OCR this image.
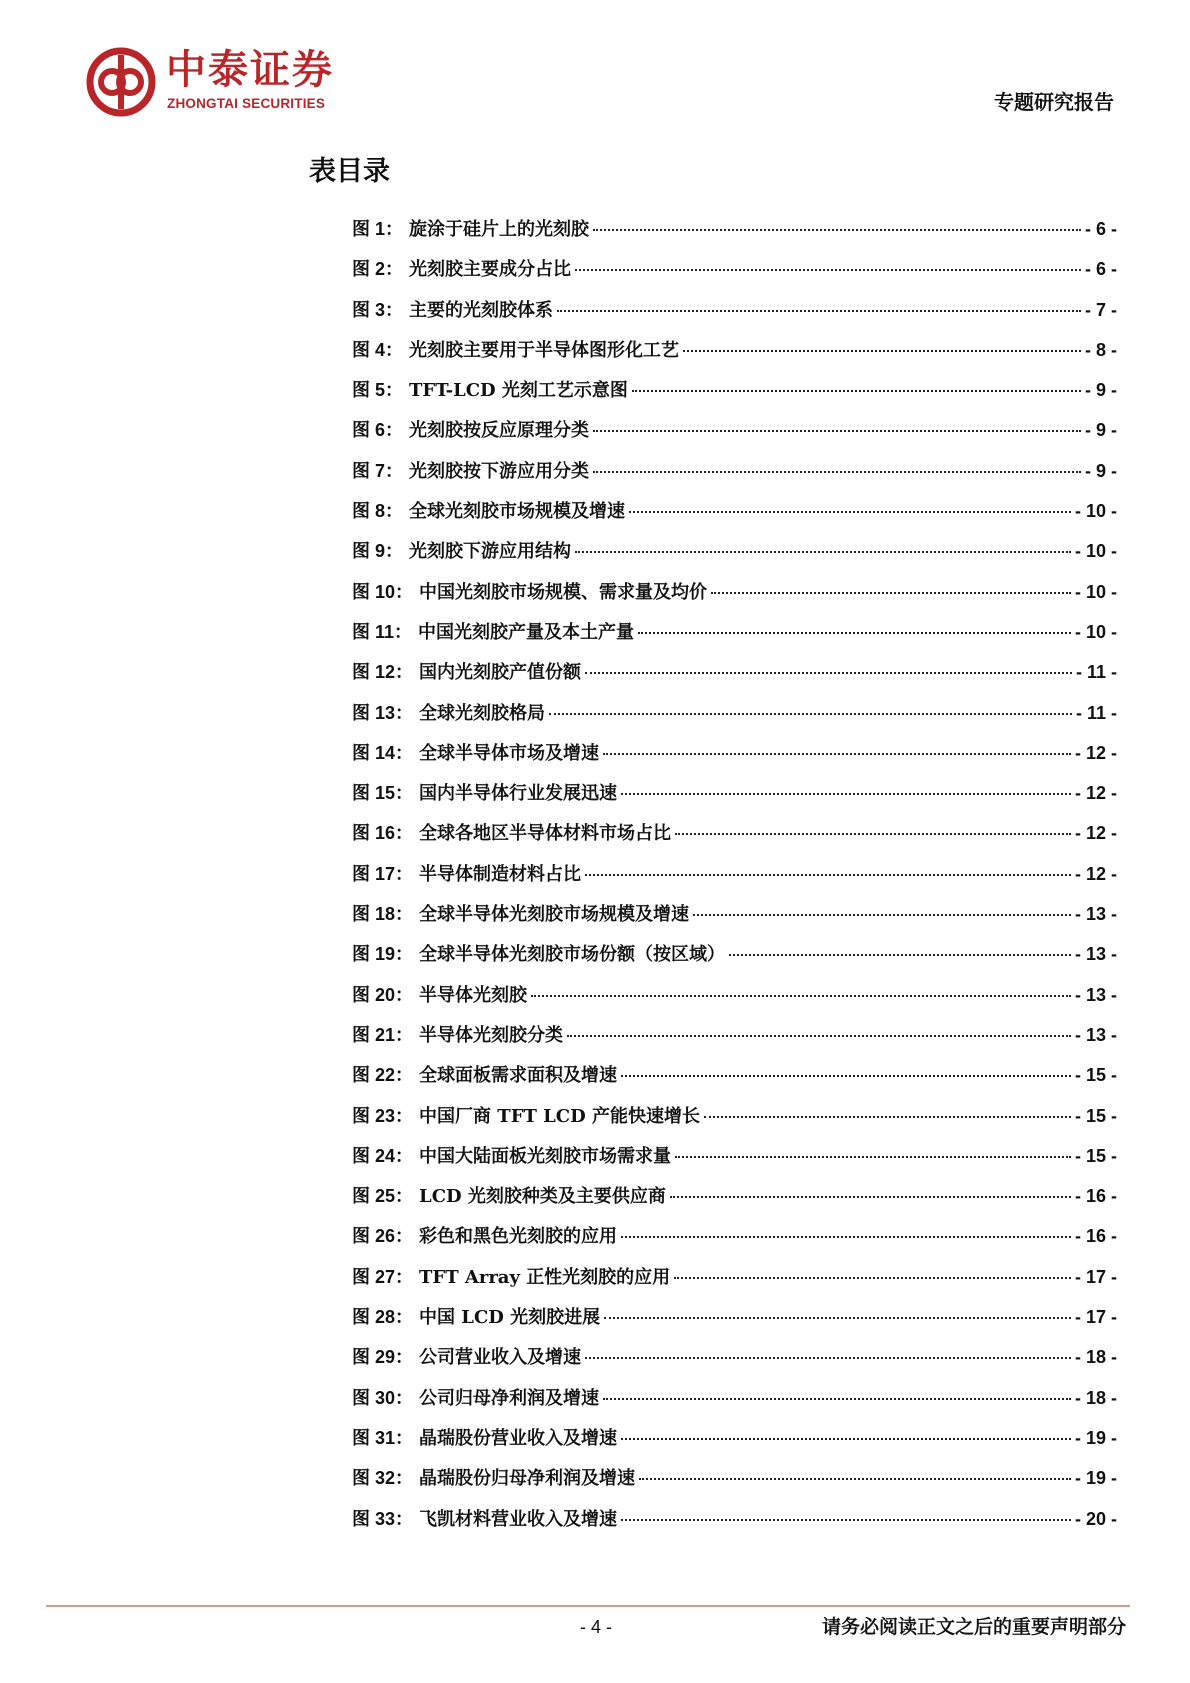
中泰证券
ZHONGTAI SECURITIES	专题研究报告
表目录
图 1： 旋涂于硅片上的光刻胶	- 6 -
图 2： 光刻胶主要成分占比	- 6 -
图 3： 主要的光刻胶体系	- 7 -
图 4： 光刻胶主要用于半导体图形化工艺	- 8 -
图 5： TFT-LCD 光刻工艺示意图	- 9 -
图 6： 光刻胶按反应原理分类	- 9 -
图 7： 光刻胶按下游应用分类	- 9 -
图 8： 全球光刻胶市场规模及增速	- 10 -
图 9： 光刻胶下游应用结构	- 10 -
图 10： 中国光刻胶市场规模、需求量及均价	- 10 -
图 11： 中国光刻胶产量及本土产量	- 10 -
图 12： 国内光刻胶产值份额	- 11 -
图 13： 全球光刻胶格局	- 11 -
图 14： 全球半导体市场及增速	- 12 -
图 15： 国内半导体行业发展迅速	- 12 -
图 16： 全球各地区半导体材料市场占比	- 12 -
图 17： 半导体制造材料占比	- 12 -
图 18： 全球半导体光刻胶市场规模及增速	- 13 -
图 19： 全球半导体光刻胶市场份额（按区域）	- 13 -
图 20： 半导体光刻胶	- 13 -
图 21： 半导体光刻胶分类	- 13 -
图 22： 全球面板需求面积及增速	- 15 -
图 23： 中国厂商 TFT LCD 产能快速增长	- 15 -
图 24： 中国大陆面板光刻胶市场需求量	- 15 -
图 25： LCD 光刻胶种类及主要供应商	- 16 -
图 26： 彩色和黑色光刻胶的应用	- 16 -
图 27： TFT Array 正性光刻胶的应用	- 17 -
图 28： 中国 LCD 光刻胶进展	- 17 -
图 29： 公司营业收入及增速	- 18 -
图 30： 公司归母净利润及增速	- 18 -
图 31： 晶瑞股份营业收入及增速	- 19 -
图 32： 晶瑞股份归母净利润及增速	- 19 -
图 33： 飞凯材料营业收入及增速	- 20 -
- 4 -	请务必阅读正文之后的重要声明部分
